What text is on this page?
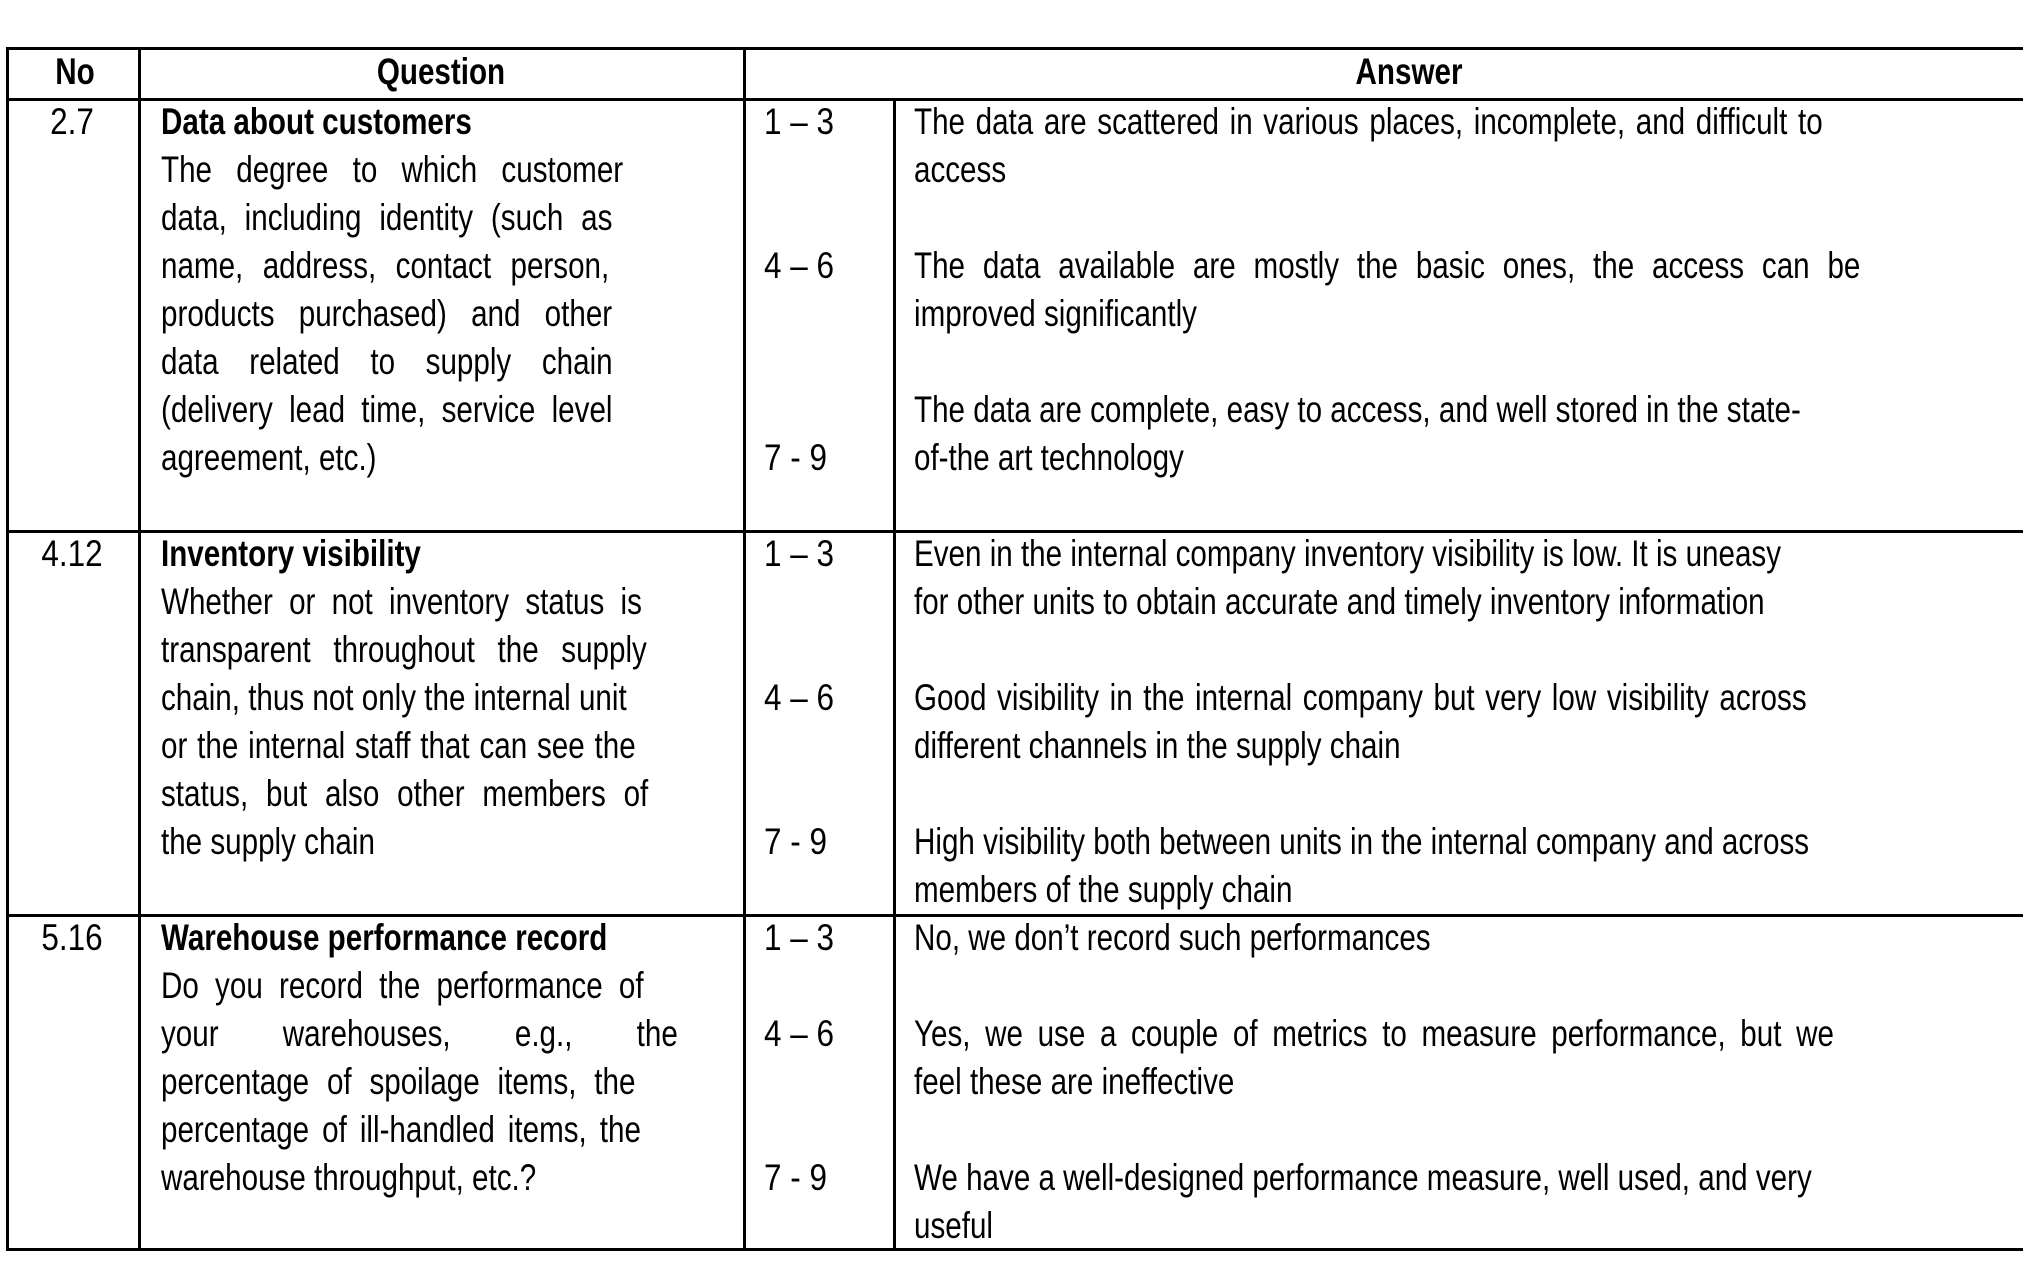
No	Question	Answer
2.7 Data about customers
The degree to which customer
data, including identity (such as
name, address, contact person,
products purchased) and other
data related to supply chain
(delivery lead time, service level
agreement, etc.)
1 – 3
4 – 6
7 - 9
The data are scattered in various places, incomplete, and difficult to
access
The data available are mostly the basic ones, the access can be
improved significantly
The data are complete, easy to access, and well stored in the state-
of-the art technology
4.12 Inventory visibility
Whether or not inventory status is
transparent throughout the supply
chain, thus not only the internal unit
or the internal staff that can see the
status, but also other members of
the supply chain
1 – 3
4 – 6
7 - 9
Even in the internal company inventory visibility is low. It is uneasy
for other units to obtain accurate and timely inventory information
Good visibility in the internal company but very low visibility across
different channels in the supply chain
High visibility both between units in the internal company and across
members of the supply chain
5.16 Warehouse performance record
Do you record the performance of
your warehouses, e.g., the
percentage of spoilage items, the
percentage of ill-handled items, the
warehouse throughput, etc.?
1 – 3
4 – 6
7 - 9
No, we don’t record such performances
Yes, we use a couple of metrics to measure performance, but we
feel these are ineffective
We have a well-designed performance measure, well used, and very
useful
